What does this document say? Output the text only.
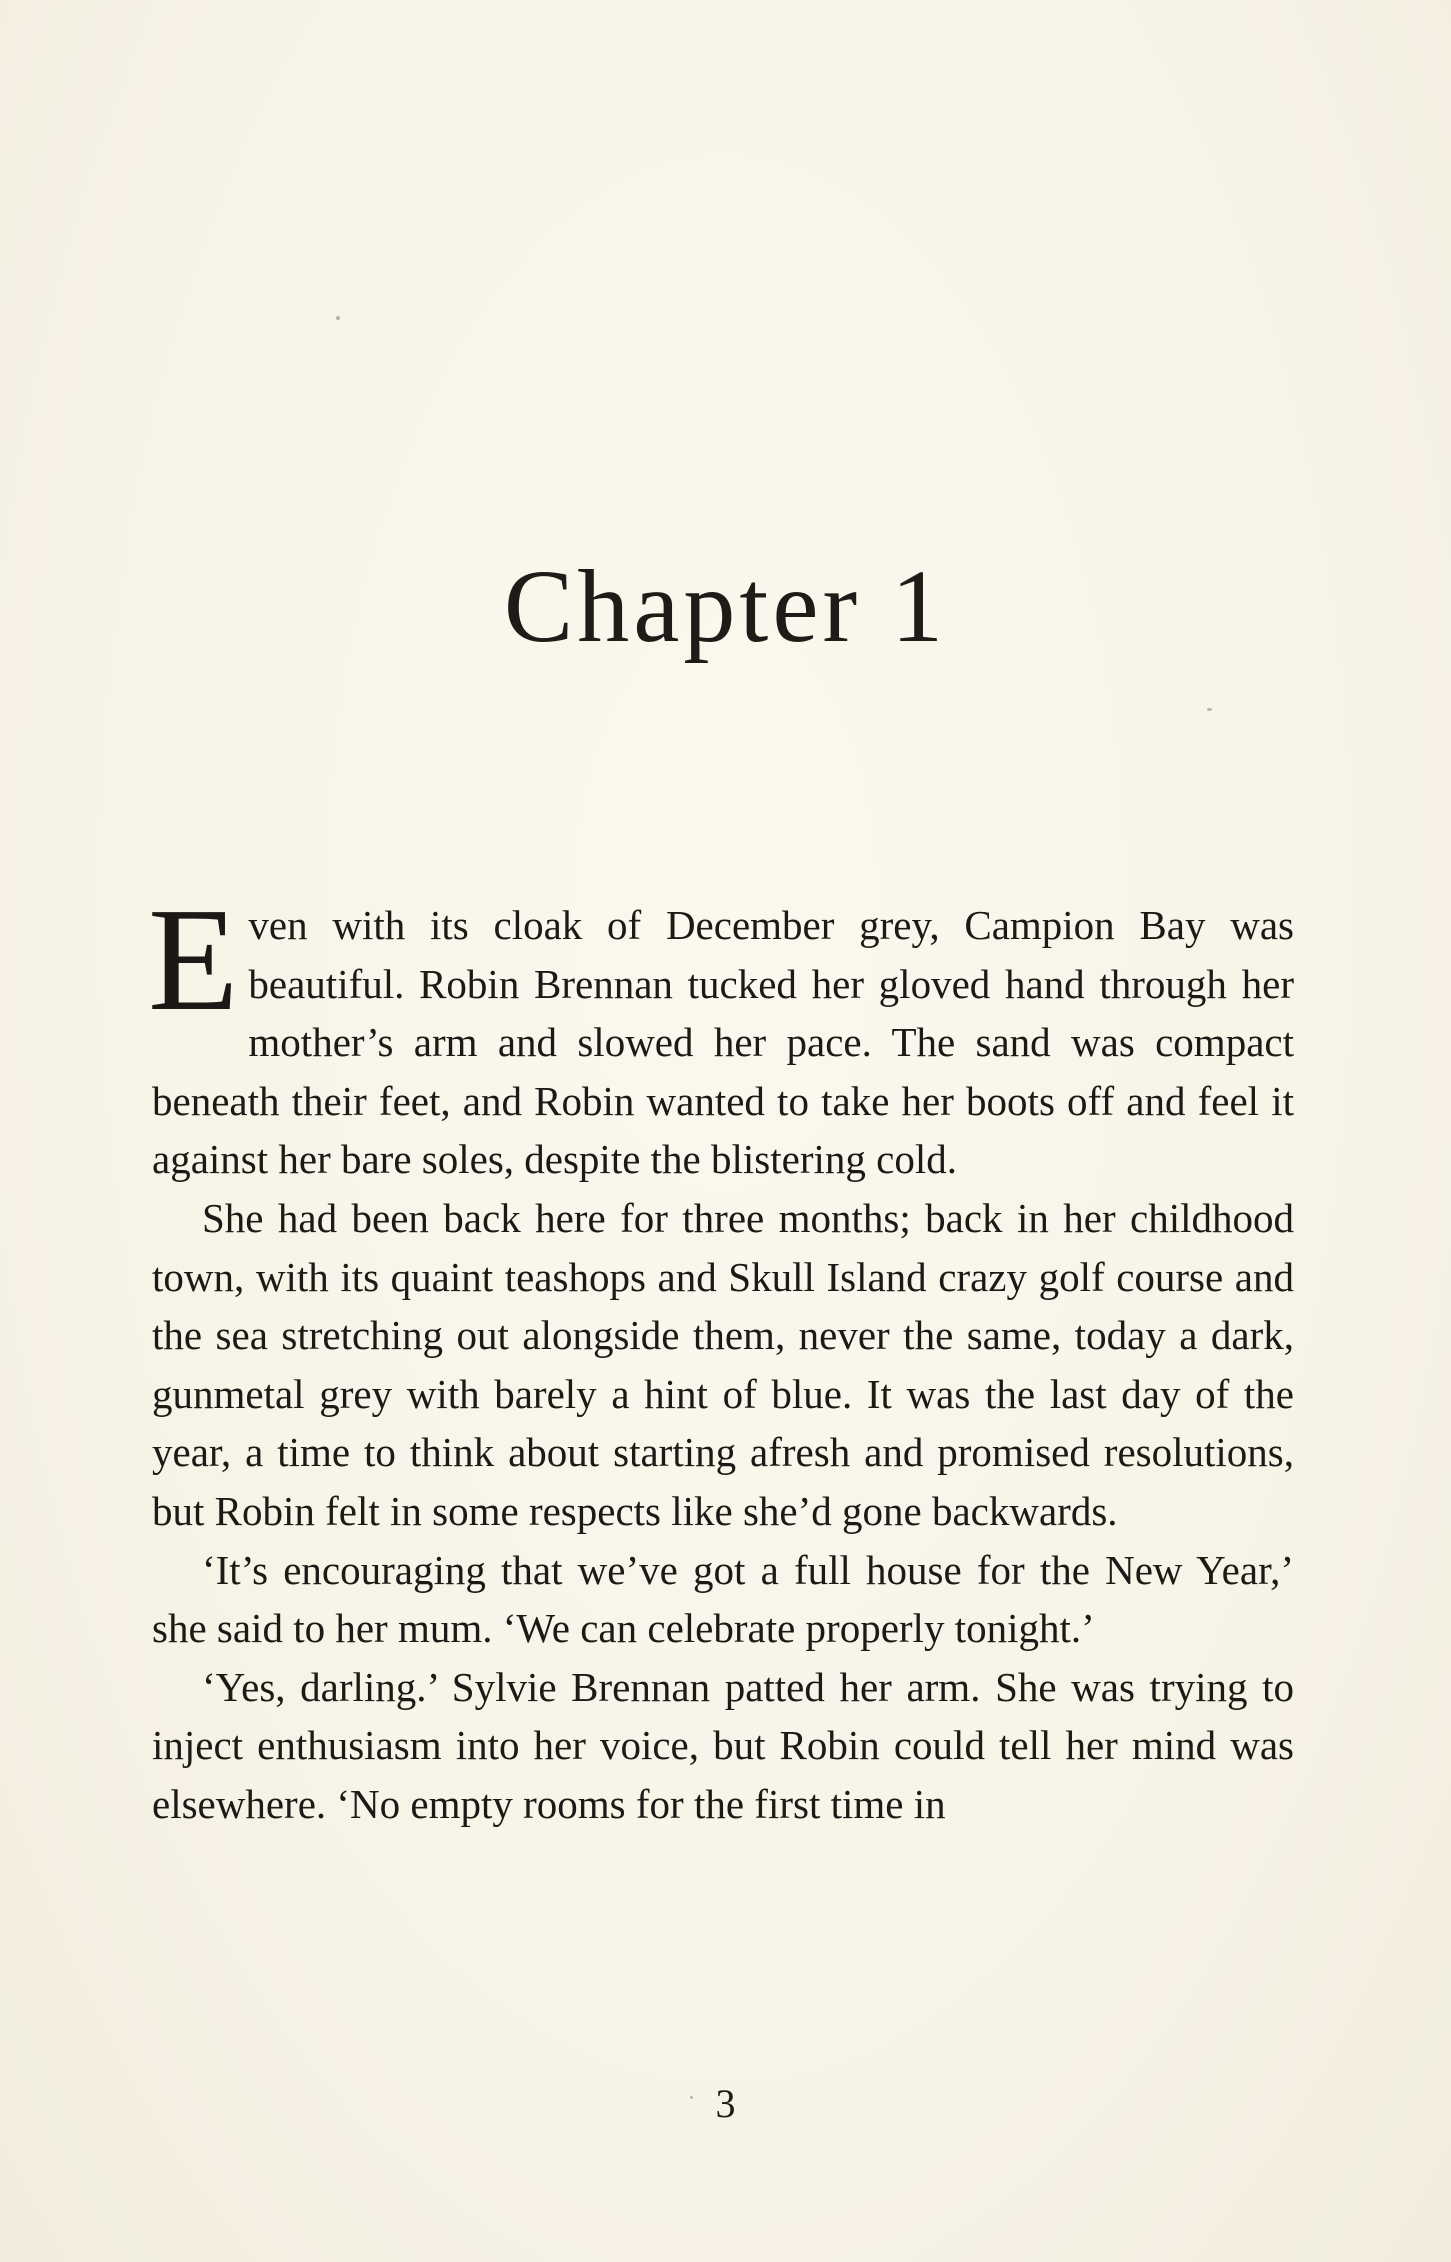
Chapter 1

Even with its cloak of December grey, Campion Bay was beautiful. Robin Brennan tucked her gloved hand through her mother’s arm and slowed her pace. The sand was compact beneath their feet, and Robin wanted to take her boots off and feel it against her bare soles, despite the blistering cold.

She had been back here for three months; back in her childhood town, with its quaint teashops and Skull Island crazy golf course and the sea stretching out alongside them, never the same, today a dark, gunmetal grey with barely a hint of blue. It was the last day of the year, a time to think about starting afresh and promised resolutions, but Robin felt in some respects like she’d gone backwards.

‘It’s encouraging that we’ve got a full house for the New Year,’ she said to her mum. ‘We can celebrate properly tonight.’

‘Yes, darling.’ Sylvie Brennan patted her arm. She was trying to inject enthusiasm into her voice, but Robin could tell her mind was elsewhere. ‘No empty rooms for the first time in

3
